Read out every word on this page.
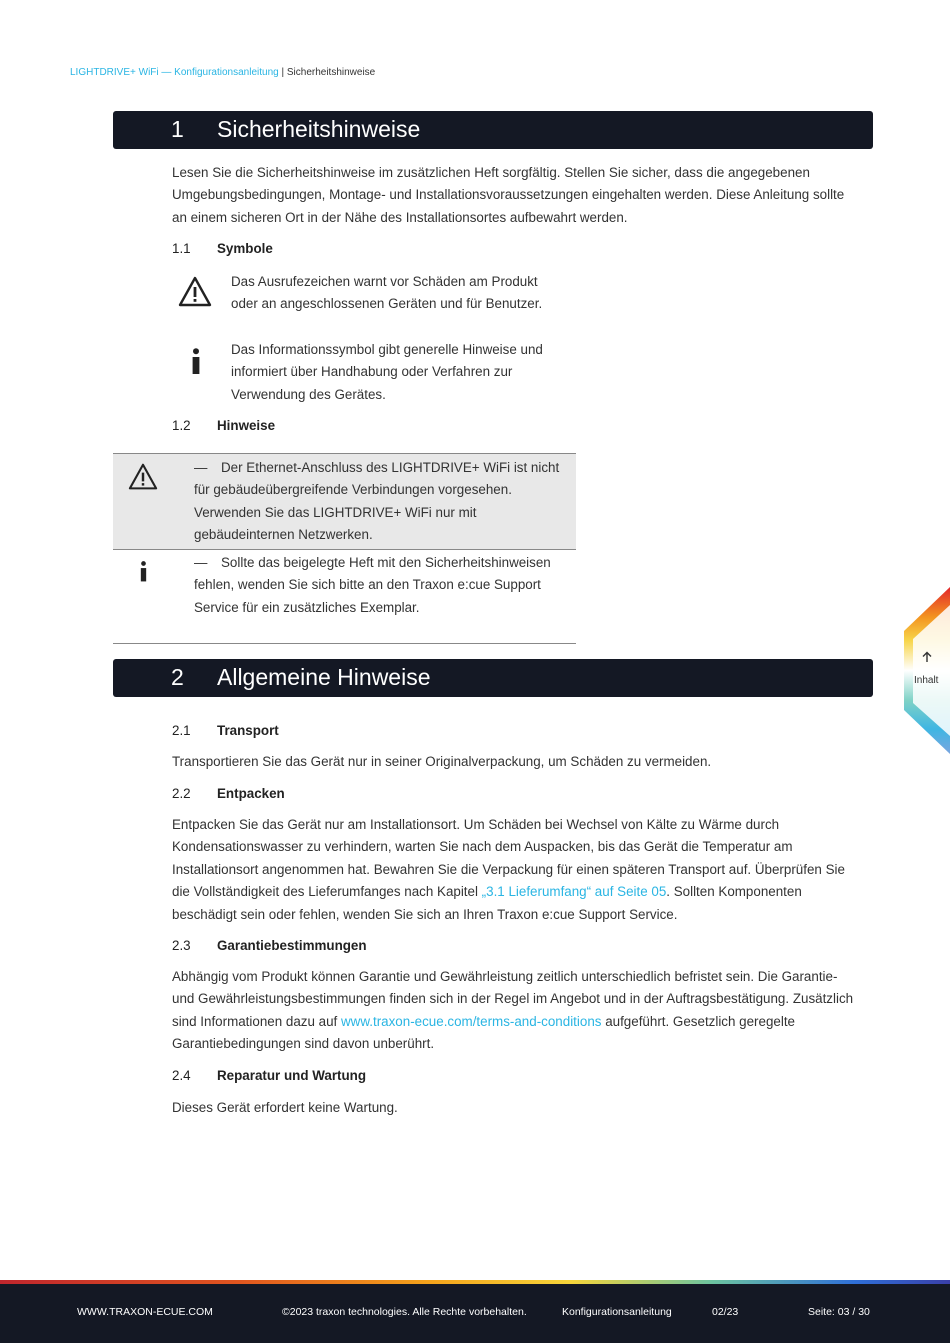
LIGHTDRIVE+ WiFi — Konfigurationsanleitung | Sicherheitshinweise
1 Sicherheitshinweise
Lesen Sie die Sicherheitshinweise im zusätzlichen Heft sorgfältig. Stellen Sie sicher, dass die angegebenen Umgebungsbedingungen, Montage- und Installationsvoraussetzungen eingehalten werden. Diese Anleitung sollte an einem sicheren Ort in der Nähe des Installationsortes aufbewahrt werden.
1.1 Symbole
Das Ausrufezeichen warnt vor Schäden am Produkt oder an angeschlossenen Geräten und für Benutzer.
Das Informationssymbol gibt generelle Hinweise und informiert über Handhabung oder Verfahren zur Verwendung des Gerätes.
1.2 Hinweise
— Der Ethernet-Anschluss des LIGHTDRIVE+ WiFi ist nicht für gebäudeübergreifende Verbindungen vorgesehen. Verwenden Sie das LIGHTDRIVE+ WiFi nur mit gebäudeinternen Netzwerken.
— Sollte das beigelegte Heft mit den Sicherheitshinweisen fehlen, wenden Sie sich bitte an den Traxon e:cue Support Service für ein zusätzliches Exemplar.
2 Allgemeine Hinweise
2.1 Transport
Transportieren Sie das Gerät nur in seiner Originalverpackung, um Schäden zu vermeiden.
2.2 Entpacken
Entpacken Sie das Gerät nur am Installationsort. Um Schäden bei Wechsel von Kälte zu Wärme durch Kondensationswasser zu verhindern, warten Sie nach dem Auspacken, bis das Gerät die Temperatur am Installationsort angenommen hat. Bewahren Sie die Verpackung für einen späteren Transport auf. Überprüfen Sie die Vollständigkeit des Lieferumfanges nach Kapitel „3.1 Lieferumfang“ auf Seite 05. Sollten Komponenten beschädigt sein oder fehlen, wenden Sie sich an Ihren Traxon e:cue Support Service.
2.3 Garantiebestimmungen
Abhängig vom Produkt können Garantie und Gewährleistung zeitlich unterschiedlich befristet sein. Die Garantie- und Gewährleistungsbestimmungen finden sich in der Regel im Angebot und in der Auftragsbestätigung. Zusätzlich sind Informationen dazu auf www.traxon-ecue.com/terms-and-conditions aufgeführt. Gesetzlich geregelte Garantiebedingungen sind davon unberührt.
2.4 Reparatur und Wartung
Dieses Gerät erfordert keine Wartung.
Inhalt
WWW.TRAXON-ECUE.COM	©2023 traxon technologies. Alle Rechte vorbehalten.	Konfigurationsanleitung	02/23	Seite: 03 / 30
